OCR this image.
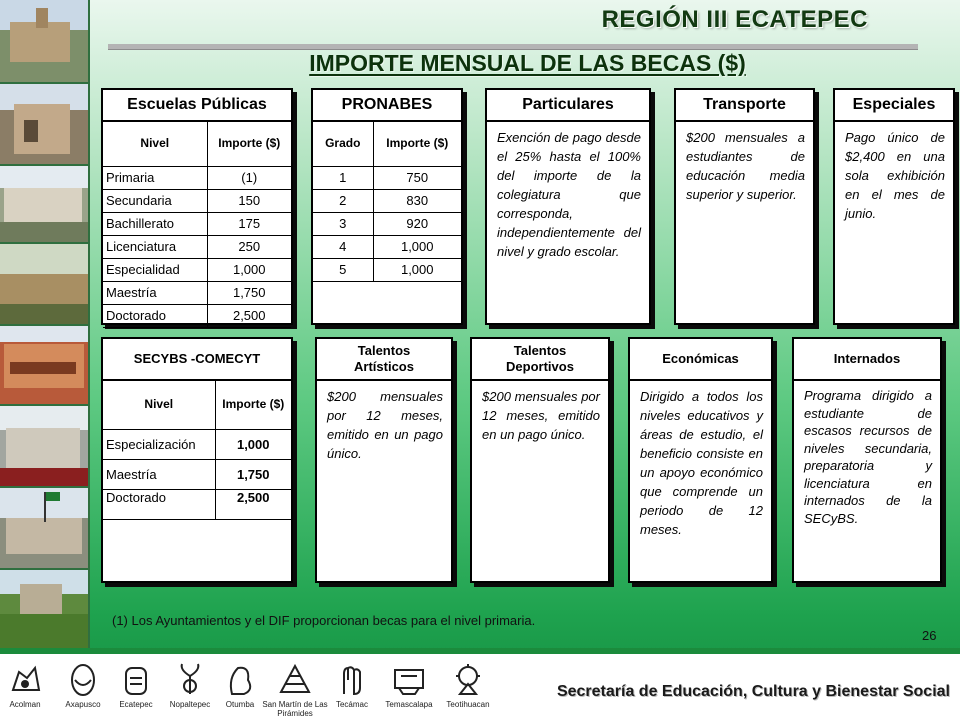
REGIÓN III ECATEPEC
IMPORTE MENSUAL DE LAS BECAS ($)
Escuelas Públicas
Nivel	Importe ($)
Primaria	(1)
Secundaria	150
Bachillerato	175
Licenciatura	250
Especialidad	1,000
Maestría	1,750
Doctorado	2,500
PRONABES
Grado	Importe ($)
1	750
2	830
3	920
4	1,000
5	1,000
Particulares
Exención de pago desde el 25% hasta el 100% del importe de la colegiatura que corresponda, independientemente del nivel y grado escolar.
Transporte
$200 mensuales a estudiantes de educación media superior y superior.
Especiales
Pago único de $2,400 en una sola exhibición en el mes de junio.
SECYBS -COMECYT
Nivel	Importe ($)
Especialización	1,000
Maestría	1,750
Doctorado	2,500
Talentos Artísticos
$200 mensuales por 12 meses, emitido en un pago único.
Talentos Deportivos
$200 mensuales por 12 meses, emitido en un pago único.
Económicas
Dirigido a todos los niveles educativos y áreas de estudio, el beneficio consiste en un apoyo económico que comprende un periodo de 12 meses.
Internados
Programa dirigido a estudiante de escasos recursos de niveles secundaria, preparatoria y licenciatura en internados de la SECyBS.
(1) Los Ayuntamientos y el DIF proporcionan becas para el nivel primaria.
26
Acolman	Axapusco	Ecatepec	Nopaltepec	Otumba	San Martín de Las Pirámides
Tecámac	Temascalapa	Teotihuacan
Secretaría de Educación, Cultura y Bienestar Social
